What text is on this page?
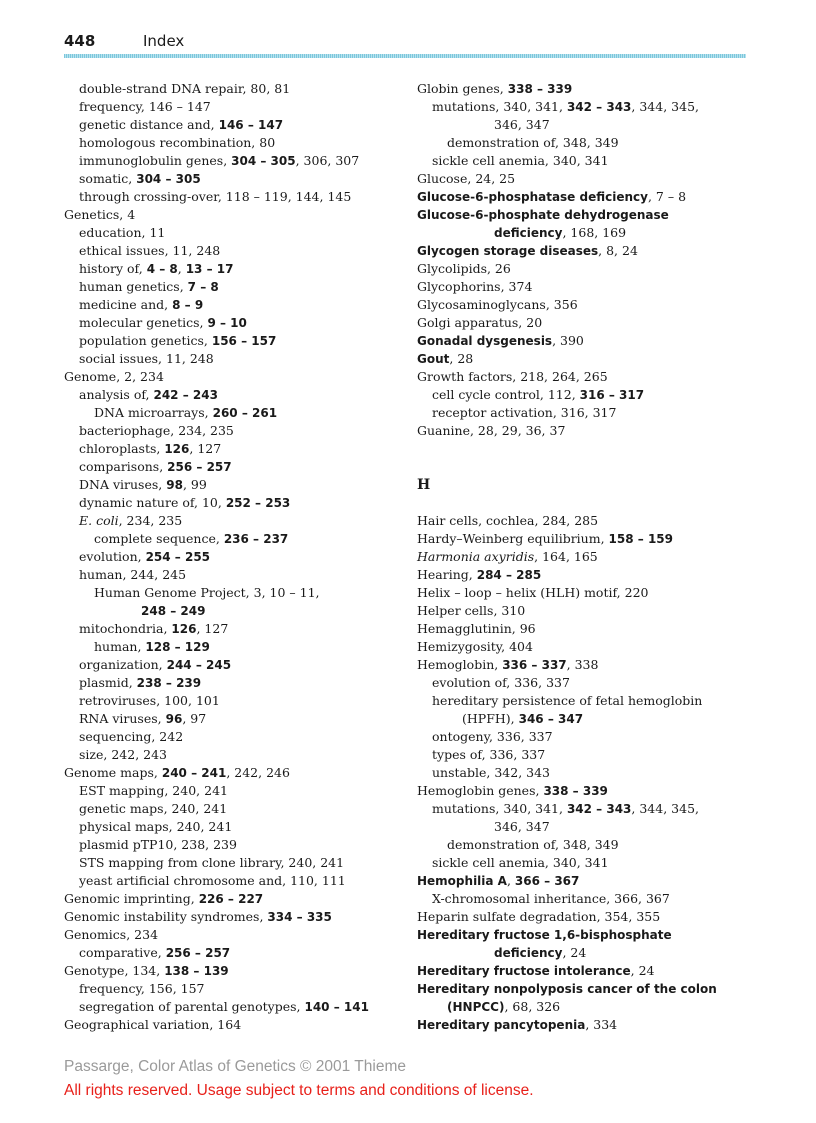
448	Index
double-strand DNA repair, 80, 81
frequency, 146 – 147
genetic distance and, 146 – 147
homologous recombination, 80
immunoglobulin genes, 304 – 305, 306, 307
somatic, 304 – 305
through crossing-over, 118 – 119, 144, 145
Genetics, 4
education, 11
ethical issues, 11, 248
history of, 4 – 8, 13 – 17
human genetics, 7 – 8
medicine and, 8 – 9
molecular genetics, 9 – 10
population genetics, 156 – 157
social issues, 11, 248
Genome, 2, 234
analysis of, 242 – 243
DNA microarrays, 260 – 261
bacteriophage, 234, 235
chloroplasts, 126, 127
comparisons, 256 – 257
DNA viruses, 98, 99
dynamic nature of, 10, 252 – 253
E. coli, 234, 235
complete sequence, 236 – 237
evolution, 254 – 255
human, 244, 245
Human Genome Project, 3, 10 – 11,
248 – 249
mitochondria, 126, 127
human, 128 – 129
organization, 244 – 245
plasmid, 238 – 239
retroviruses, 100, 101
RNA viruses, 96, 97
sequencing, 242
size, 242, 243
Genome maps, 240 – 241, 242, 246
EST mapping, 240, 241
genetic maps, 240, 241
physical maps, 240, 241
plasmid pTP10, 238, 239
STS mapping from clone library, 240, 241
yeast artificial chromosome and, 110, 111
Genomic imprinting, 226 – 227
Genomic instability syndromes, 334 – 335
Genomics, 234
comparative, 256 – 257
Genotype, 134, 138 – 139
frequency, 156, 157
segregation of parental genotypes, 140 – 141
Geographical variation, 164
Globin genes, 338 – 339
mutations, 340, 341, 342 – 343, 344, 345,
346, 347
demonstration of, 348, 349
sickle cell anemia, 340, 341
Glucose, 24, 25
Glucose-6-phosphatase deficiency, 7 – 8
Glucose-6-phosphate dehydrogenase
deficiency, 168, 169
Glycogen storage diseases, 8, 24
Glycolipids, 26
Glycophorins, 374
Glycosaminoglycans, 356
Golgi apparatus, 20
Gonadal dysgenesis, 390
Gout, 28
Growth factors, 218, 264, 265
cell cycle control, 112, 316 – 317
receptor activation, 316, 317
Guanine, 28, 29, 36, 37

H

Hair cells, cochlea, 284, 285
Hardy–Weinberg equilibrium, 158 – 159
Harmonia axyridis, 164, 165
Hearing, 284 – 285
Helix – loop – helix (HLH) motif, 220
Helper cells, 310
Hemagglutinin, 96
Hemizygosity, 404
Hemoglobin, 336 – 337, 338
evolution of, 336, 337
hereditary persistence of fetal hemoglobin
(HPFH), 346 – 347
ontogeny, 336, 337
types of, 336, 337
unstable, 342, 343
Hemoglobin genes, 338 – 339
mutations, 340, 341, 342 – 343, 344, 345,
346, 347
demonstration of, 348, 349
sickle cell anemia, 340, 341
Hemophilia A, 366 – 367
X-chromosomal inheritance, 366, 367
Heparin sulfate degradation, 354, 355
Hereditary fructose 1,6-bisphosphate
deficiency, 24
Hereditary fructose intolerance, 24
Hereditary nonpolyposis cancer of the colon
(HNPCC), 68, 326
Hereditary pancytopenia, 334
Passarge, Color Atlas of Genetics © 2001 Thieme
All rights reserved. Usage subject to terms and conditions of license.
